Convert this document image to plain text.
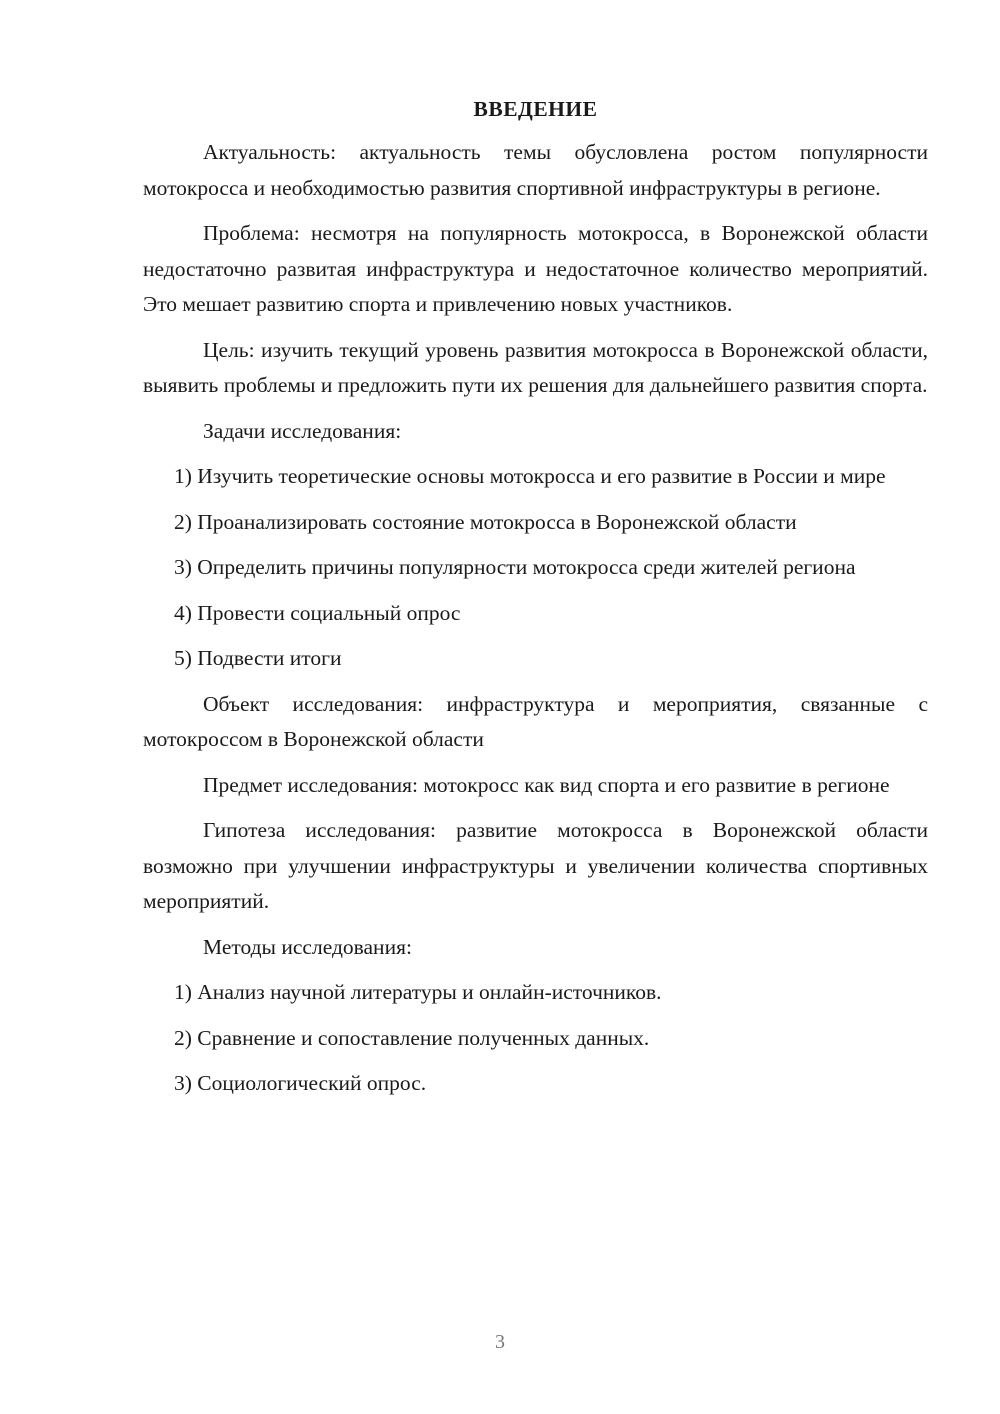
ВВЕДЕНИЕ

Актуальность: актуальность темы обусловлена ростом популярности мотокросса и необходимостью развития спортивной инфраструктуры в регионе.

Проблема: несмотря на популярность мотокросса, в Воронежской области недостаточно развитая инфраструктура и недостаточное количество мероприятий. Это мешает развитию спорта и привлечению новых участников.

Цель: изучить текущий уровень развития мотокросса в Воронежской области, выявить проблемы и предложить пути их решения для дальнейшего развития спорта.

Задачи исследования:

1) Изучить теоретические основы мотокросса и его развитие в России и мире

2) Проанализировать состояние мотокросса в Воронежской области

3) Определить причины популярности мотокросса среди жителей региона

4) Провести социальный опрос

5) Подвести итоги

Объект исследования: инфраструктура и мероприятия, связанные с мотокроссом в Воронежской области

Предмет исследования: мотокросс как вид спорта и его развитие в регионе

Гипотеза исследования: развитие мотокросса в Воронежской области возможно при улучшении инфраструктуры и увеличении количества спортивных мероприятий.

Методы исследования:

1) Анализ научной литературы и онлайн-источников.

2) Сравнение и сопоставление полученных данных.

3) Социологический опрос.

3
